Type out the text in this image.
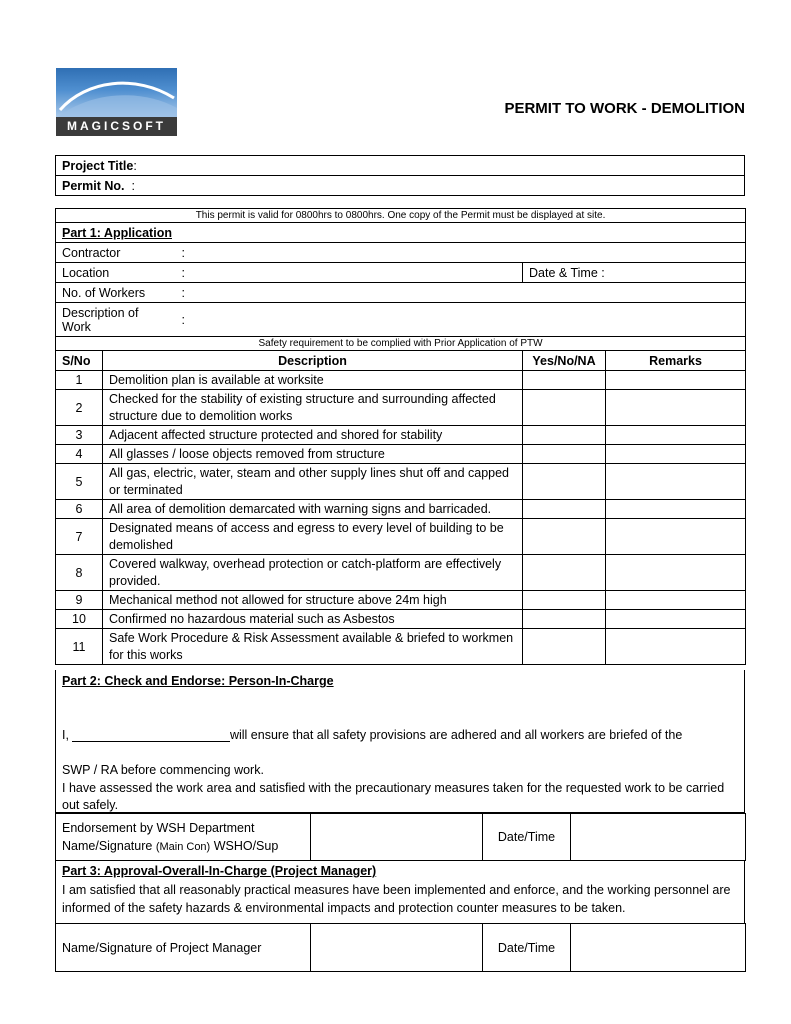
MAGICSOFT
PERMIT TO WORK - DEMOLITION
Project Title:
Permit No. :
This permit is valid for 0800hrs to 0800hrs. One copy of the Permit must be displayed at site.				
Part 1: Application				
Contractor		:		
Location		:	Date & Time :	
No. of Workers		:		
Description of Work		:		
Safety requirement to be complied with Prior Application of PTW				
S/No	Description		Yes/No/NA	Remarks
1	Demolition plan is available at worksite			
2	Checked for the stability of existing structure and surrounding affected structure due to demolition works			
3	Adjacent affected structure protected and shored for stability			
4	All glasses / loose objects removed from structure			
5	All gas, electric, water, steam and other supply lines shut off and capped or terminated			
6	All area of demolition demarcated with warning signs and barricaded.			
7	Designated means of access and egress to every level of building to be demolished			
8	Covered walkway, overhead protection or catch-platform are effectively provided.			
9	Mechanical method not allowed for structure above 24m high			
10	Confirmed no hazardous material such as Asbestos			
11	Safe Work Procedure & Risk Assessment available & briefed to workmen for this works			
Part 2: Check and Endorse: Person-In-Charge
I,	will ensure that all safety provisions are adhered and all workers are briefed of the
SWP / RA before commencing work.
I have assessed the work area and satisfied with the precautionary measures taken for the requested work to be carried out safely.
Endorsement by WSH Department
Name/Signature (Main Con) WSHO/Sup		Date/Time	
Part 3: Approval-Overall-In-Charge (Project Manager)
I am satisfied that all reasonably practical measures have been implemented and enforce, and the working personnel are informed of the safety hazards & environmental impacts and protection counter measures to be taken.
Name/Signature of Project Manager		Date/Time	
